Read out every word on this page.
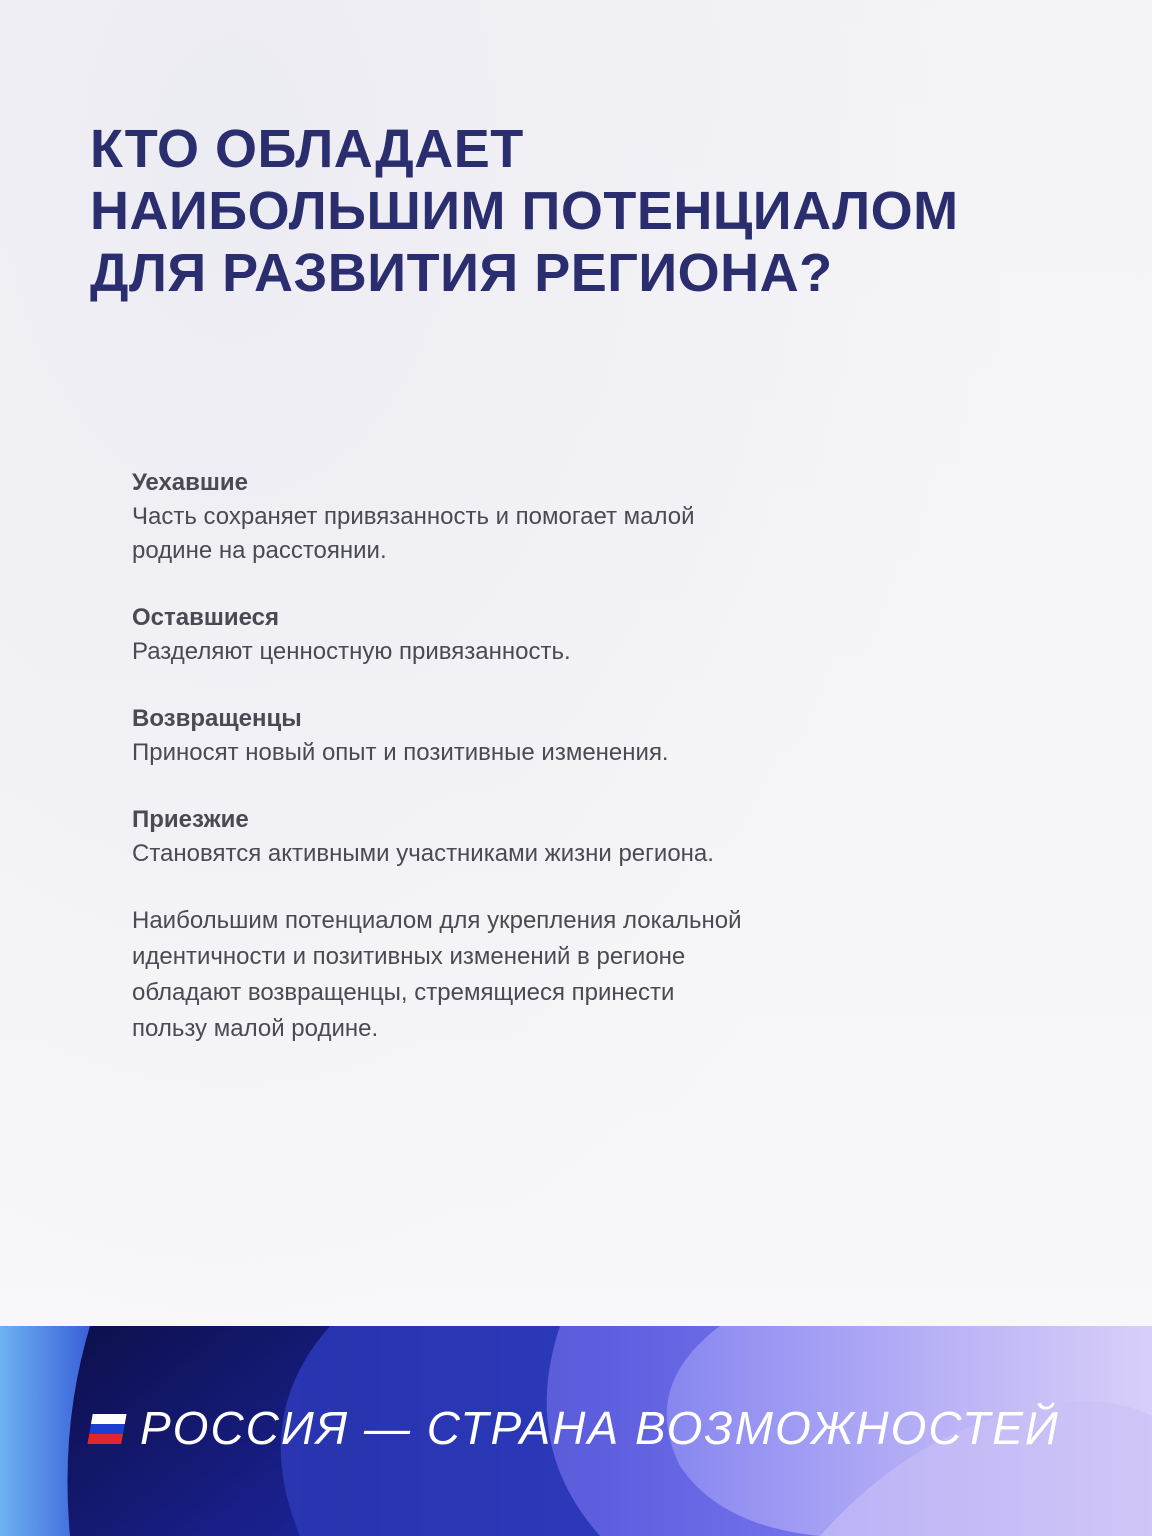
КТО ОБЛАДАЕТ
НАИБОЛЬШИМ ПОТЕНЦИАЛОМ
ДЛЯ РАЗВИТИЯ РЕГИОНА?
Уехавшие
Часть сохраняет привязанность и помогает малой
родине на расстоянии.
Оставшиеся
Разделяют ценностную привязанность.
Возвращенцы
Приносят новый опыт и позитивные изменения.
Приезжие
Становятся активными участниками жизни региона.
Наибольшим потенциалом для укрепления локальной
идентичности и позитивных изменений в регионе
обладают возвращенцы, стремящиеся принести
пользу малой родине.
РОССИЯ — СТРАНА ВОЗМОЖНОСТЕЙ
